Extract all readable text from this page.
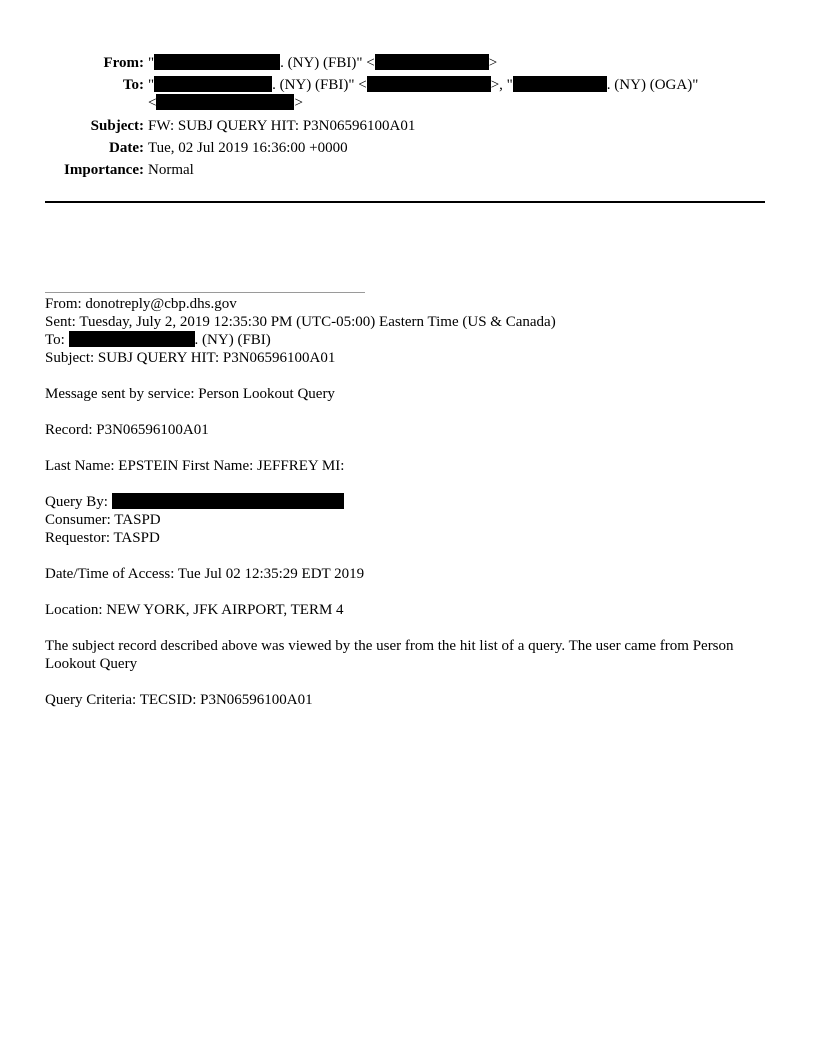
From: "	. (NY) (FBI)" <	>
To: "	. (NY) (FBI)" <	>, "	. (NY) (OGA)"
<	>
Subject: FW: SUBJ QUERY HIT: P3N06596100A01
Date: Tue, 02 Jul 2019 16:36:00 +0000
Importance: Normal
From: donotreply@cbp.dhs.gov
Sent: Tuesday, July 2, 2019 12:35:30 PM (UTC-05:00) Eastern Time (US & Canada)
To:	. (NY) (FBI)
Subject: SUBJ QUERY HIT: P3N06596100A01
Message sent by service: Person Lookout Query
Record: P3N06596100A01
Last Name: EPSTEIN First Name: JEFFREY MI:
Query By:
Consumer: TASPD
Requestor: TASPD
Date/Time of Access: Tue Jul 02 12:35:29 EDT 2019
Location: NEW YORK, JFK AIRPORT, TERM 4
The subject record described above was viewed by the user from the hit list of a query. The user came from Person Lookout Query
Query Criteria: TECSID: P3N06596100A01
